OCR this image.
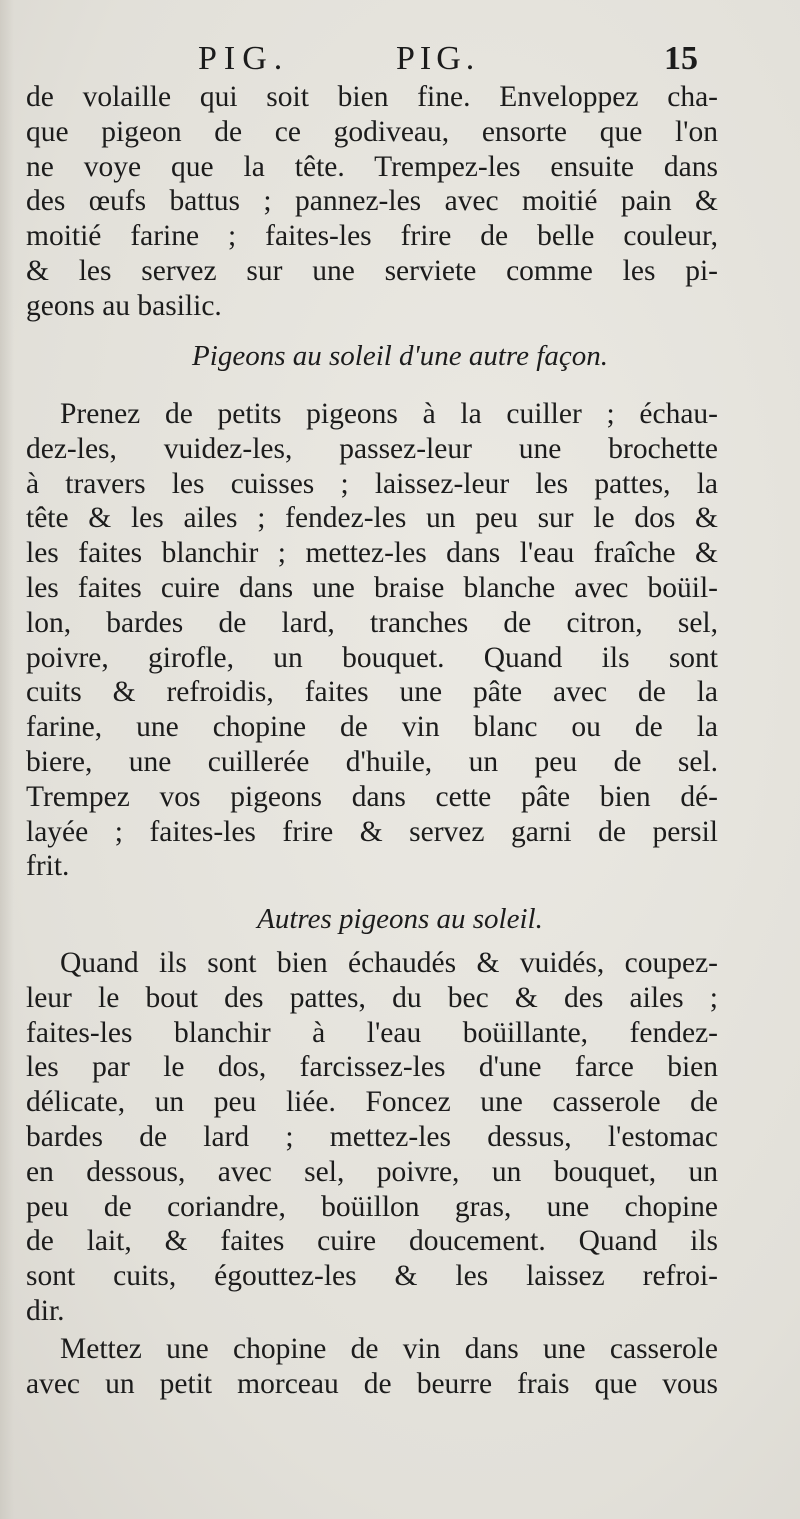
PIG.	PIG.	15
de volaille qui soit bien fine. Enveloppez cha-
que pigeon de ce godiveau, ensorte que l'on
ne voye que la tête. Trempez-les ensuite dans
des œufs battus ; pannez-les avec moitié pain &
moitié farine ; faites-les frire de belle couleur,
& les servez sur une serviete comme les pi-
geons au basilic.
Pigeons au soleil d'une autre façon.
Prenez de petits pigeons à la cuiller ; échau-
dez-les, vuidez-les, passez-leur une brochette
à travers les cuisses ; laissez-leur les pattes, la
tête & les ailes ; fendez-les un peu sur le dos &
les faites blanchir ; mettez-les dans l'eau fraîche &
les faites cuire dans une braise blanche avec boüil-
lon, bardes de lard, tranches de citron, sel,
poivre, girofle, un bouquet. Quand ils sont
cuits & refroidis, faites une pâte avec de la
farine, une chopine de vin blanc ou de la
biere, une cuillerée d'huile, un peu de sel.
Trempez vos pigeons dans cette pâte bien dé-
layée ; faites-les frire & servez garni de persil
frit.
Autres pigeons au soleil.
Quand ils sont bien échaudés & vuidés, coupez-
leur le bout des pattes, du bec & des ailes ;
faites-les blanchir à l'eau boüillante, fendez-
les par le dos, farcissez-les d'une farce bien
délicate, un peu liée. Foncez une casserole de
bardes de lard ; mettez-les dessus, l'estomac
en dessous, avec sel, poivre, un bouquet, un
peu de coriandre, boüillon gras, une chopine
de lait, & faites cuire doucement. Quand ils
sont cuits, égouttez-les & les laissez refroi-
dir.
Mettez une chopine de vin dans une casserole
avec un petit morceau de beurre frais que vous
